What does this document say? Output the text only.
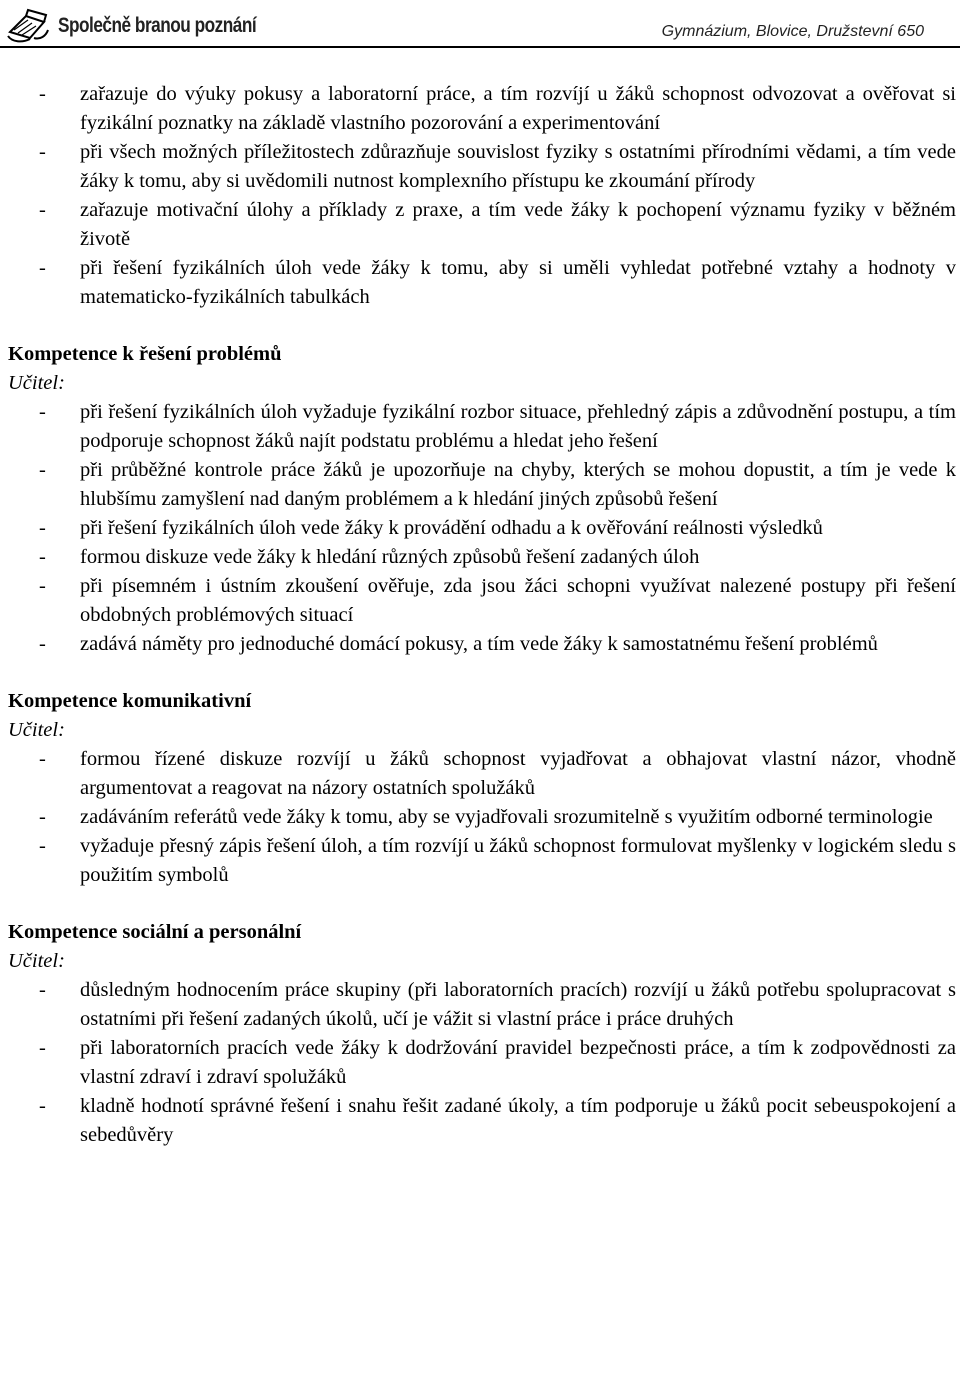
Společně branou poznání	Gymnázium, Blovice, Družstevní 650
- zařazuje do výuky pokusy a laboratorní práce, a tím rozvíjí u žáků schopnost odvozovat a ověřovat si fyzikální poznatky na základě vlastního pozorování a experimentování
- při všech možných příležitostech zdůrazňuje souvislost fyziky s ostatními přírodními vědami, a tím vede žáky k tomu, aby si uvědomili nutnost komplexního přístupu ke zkoumání přírody
- zařazuje motivační úlohy a příklady z praxe, a tím vede žáky k pochopení významu fyziky v běžném životě
- při řešení fyzikálních úloh vede žáky k tomu, aby si uměli vyhledat potřebné vztahy a hodnoty v matematicko-fyzikálních tabulkách
Kompetence k řešení problémů
Učitel:
- při řešení fyzikálních úloh vyžaduje fyzikální rozbor situace, přehledný zápis a zdůvodnění postupu, a tím podporuje schopnost žáků najít podstatu problému a hledat jeho řešení
- při průběžné kontrole práce žáků je upozorňuje na chyby, kterých se mohou dopustit, a tím je vede k hlubšímu zamyšlení nad daným problémem a k hledání jiných způsobů řešení
- při řešení fyzikálních úloh vede žáky k provádění odhadu a k ověřování reálnosti výsledků
- formou diskuze vede žáky k hledání různých způsobů řešení zadaných úloh
- při písemném i ústním zkoušení ověřuje, zda jsou žáci schopni využívat nalezené postupy při řešení obdobných problémových situací
- zadává náměty pro jednoduché domácí pokusy, a tím vede žáky k samostatnému řešení problémů
Kompetence komunikativní
Učitel:
- formou řízené diskuze rozvíjí u žáků schopnost vyjadřovat a obhajovat vlastní názor, vhodně argumentovat a reagovat na názory ostatních spolužáků
- zadáváním referátů vede žáky k tomu, aby se vyjadřovali srozumitelně s využitím odborné terminologie
- vyžaduje přesný zápis řešení úloh, a tím rozvíjí u žáků schopnost formulovat myšlenky v logickém sledu s použitím symbolů
Kompetence sociální a personální
Učitel:
- důsledným hodnocením práce skupiny (při laboratorních pracích) rozvíjí u žáků potřebu spolupracovat s ostatními při řešení zadaných úkolů, učí je vážit si vlastní práce i práce druhých
- při laboratorních pracích vede žáky k dodržování pravidel bezpečnosti práce, a tím k zodpovědnosti za vlastní zdraví i zdraví spolužáků
- kladně hodnotí správné řešení i snahu řešit zadané úkoly, a tím podporuje u žáků pocit sebeuspokojení a sebedůvěry
